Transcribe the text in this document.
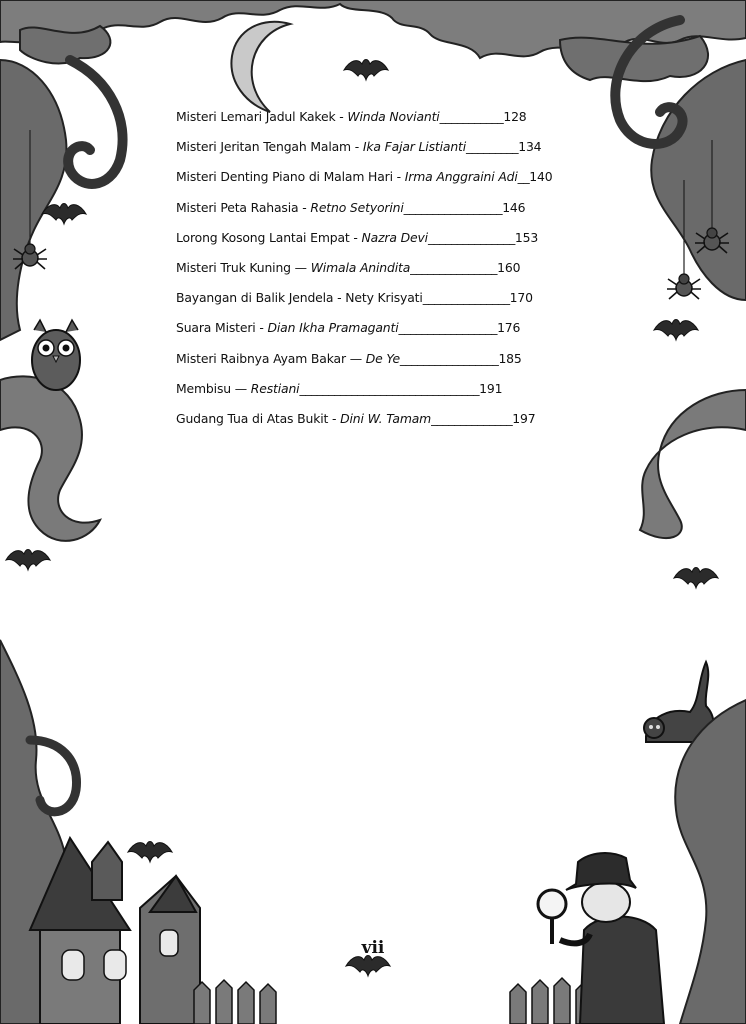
Misteri Lemari Jadul Kakek - Winda Novianti___________128
Misteri Jeritan Tengah Malam - Ika Fajar Listianti_________134
Misteri Denting Piano di Malam Hari - Irma Anggraini Adi__140
Misteri Peta Rahasia - Retno Setyorini_________________146
Lorong Kosong Lantai Empat - Nazra Devi_______________153
Misteri Truk Kuning — Wimala Anindita_______________160
Bayangan di Balik Jendela - Nety Krisyati_______________170
Suara Misteri - Dian Ikha Pramaganti_________________176
Misteri Raibnya Ayam Bakar — De Ye_________________185
Membisu — Restiani_______________________________191
Gudang Tua di Atas Bukit - Dini W. Tamam______________197
vii
